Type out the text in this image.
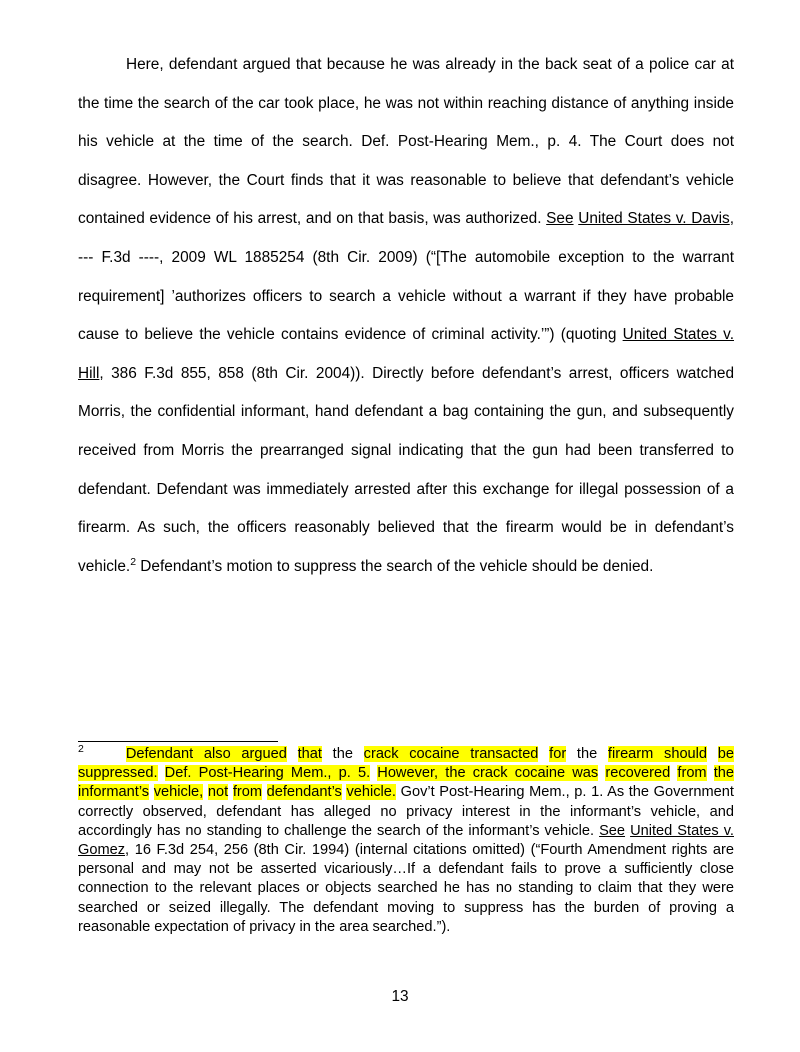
Here, defendant argued that because he was already in the back seat of a police car at the time the search of the car took place, he was not within reaching distance of anything inside his vehicle at the time of the search. Def. Post-Hearing Mem., p. 4. The Court does not disagree. However, the Court finds that it was reasonable to believe that defendant’s vehicle contained evidence of his arrest, and on that basis, was authorized. See United States v. Davis, --- F.3d ----, 2009 WL 1885254 (8th Cir. 2009) (“[The automobile exception to the warrant requirement] ’authorizes officers to search a vehicle without a warrant if they have probable cause to believe the vehicle contains evidence of criminal activity.’”) (quoting United States v. Hill, 386 F.3d 855, 858 (8th Cir. 2004)). Directly before defendant’s arrest, officers watched Morris, the confidential informant, hand defendant a bag containing the gun, and subsequently received from Morris the prearranged signal indicating that the gun had been transferred to defendant. Defendant was immediately arrested after this exchange for illegal possession of a firearm. As such, the officers reasonably believed that the firearm would be in defendant’s vehicle.$^2$ Defendant’s motion to suppress the search of the vehicle should be denied.

$^2$	Defendant also argued that the crack cocaine transacted for the firearm should be suppressed. Def. Post-Hearing Mem., p. 5. However, the crack cocaine was recovered from the informant’s vehicle, not from defendant’s vehicle. Gov’t Post-Hearing Mem., p. 1. As the Government correctly observed, defendant has alleged no privacy interest in the informant’s vehicle, and accordingly has no standing to challenge the search of the informant’s vehicle. See United States v. Gomez, 16 F.3d 254, 256 (8th Cir. 1994) (internal citations omitted) (“Fourth Amendment rights are personal and may not be asserted vicariously…If a defendant fails to prove a sufficiently close connection to the relevant places or objects searched he has no standing to claim that they were searched or seized illegally. The defendant moving to suppress has the burden of proving a reasonable expectation of privacy in the area searched.”).

13
